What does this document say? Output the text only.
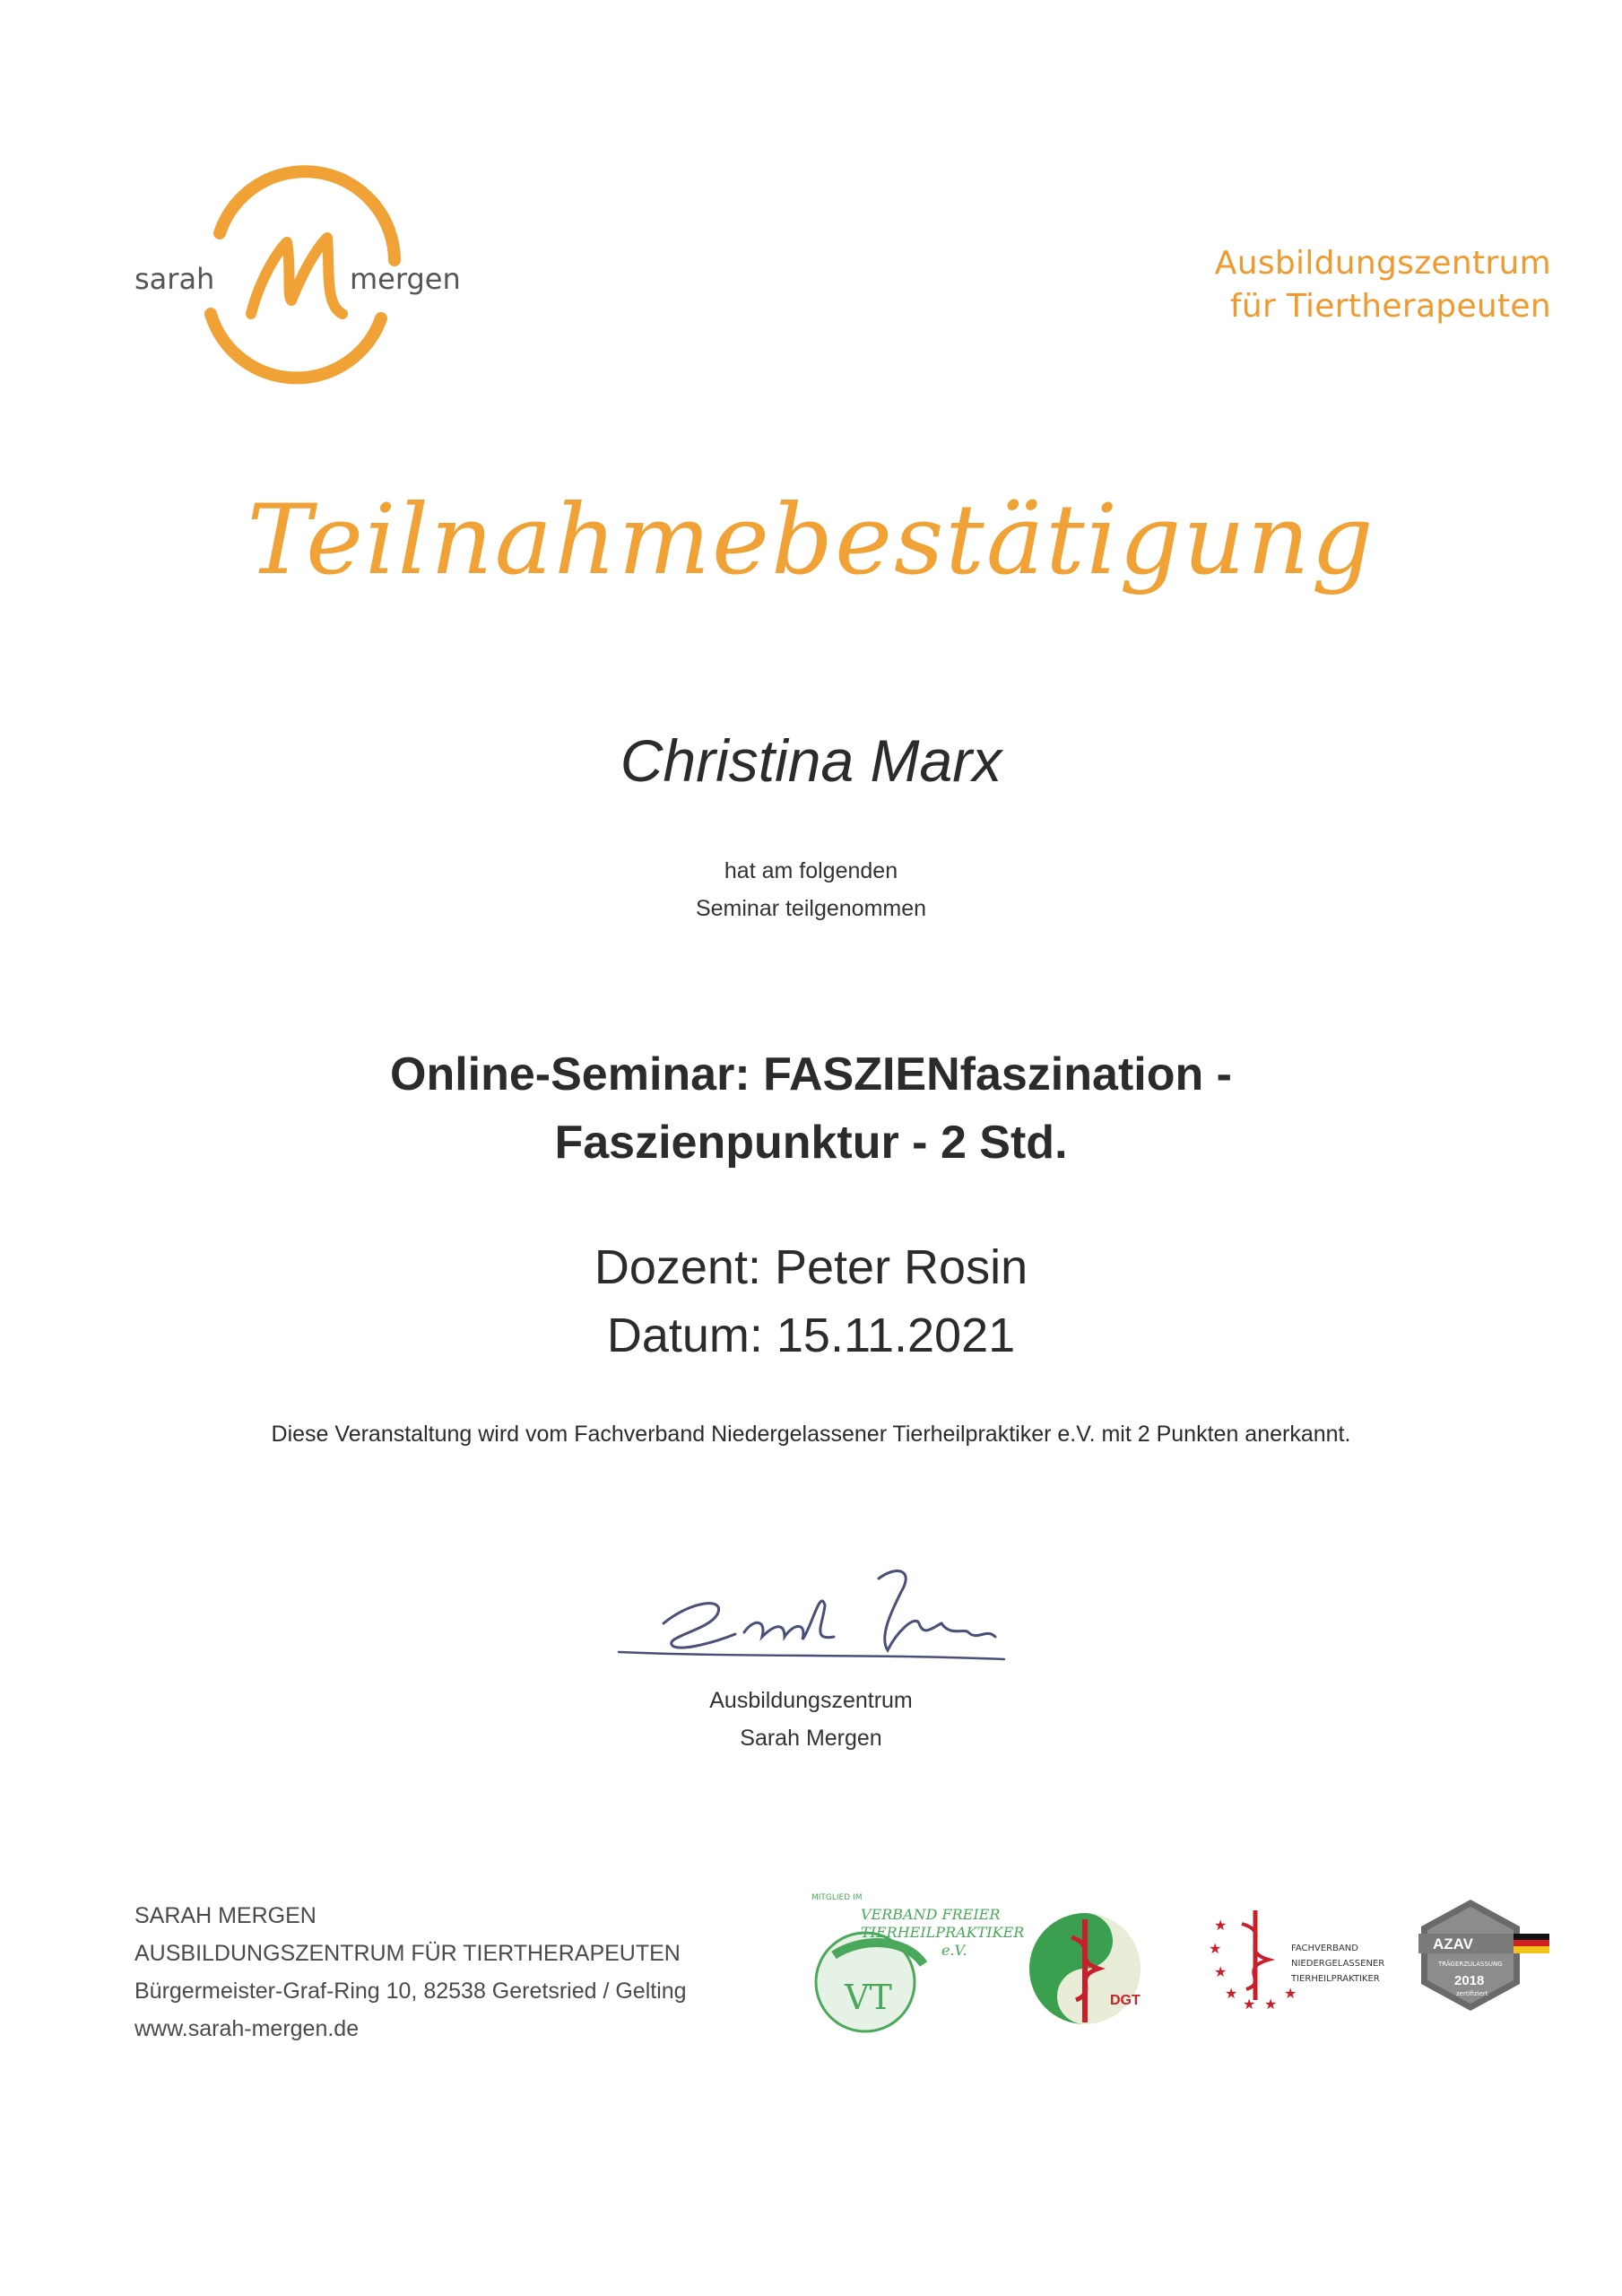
sarah	mergen	Ausbildungszentrum
für Tiertherapeuten
Teilnahmebestätigung
Christina Marx
hat am folgenden
Seminar teilgenommen
Online-Seminar: FASZIENfaszination -
Faszienpunktur - 2 Std.
Dozent: Peter Rosin
Datum: 15.11.2021
Diese Veranstaltung wird vom Fachverband Niedergelassener Tierheilpraktiker e.V. mit 2 Punkten anerkannt.
Ausbildungszentrum
Sarah Mergen
SARAH MERGEN
AUSBILDUNGSZENTRUM FÜR TIERTHERAPEUTEN
Bürgermeister-Graf-Ring 10, 82538 Geretsried / Gelting
www.sarah-mergen.de
MITGLIED IM
VT
VERBAND FREIER
TIERHEILPRAKTIKER
e.V.
DGT
★
★
★
★ ★
★
★
FACHVERBAND
NIEDERGELASSENER
TIERHEILPRAKTIKER
AZAV
TRÄGERZULASSUNG
2018
zertifiziert
